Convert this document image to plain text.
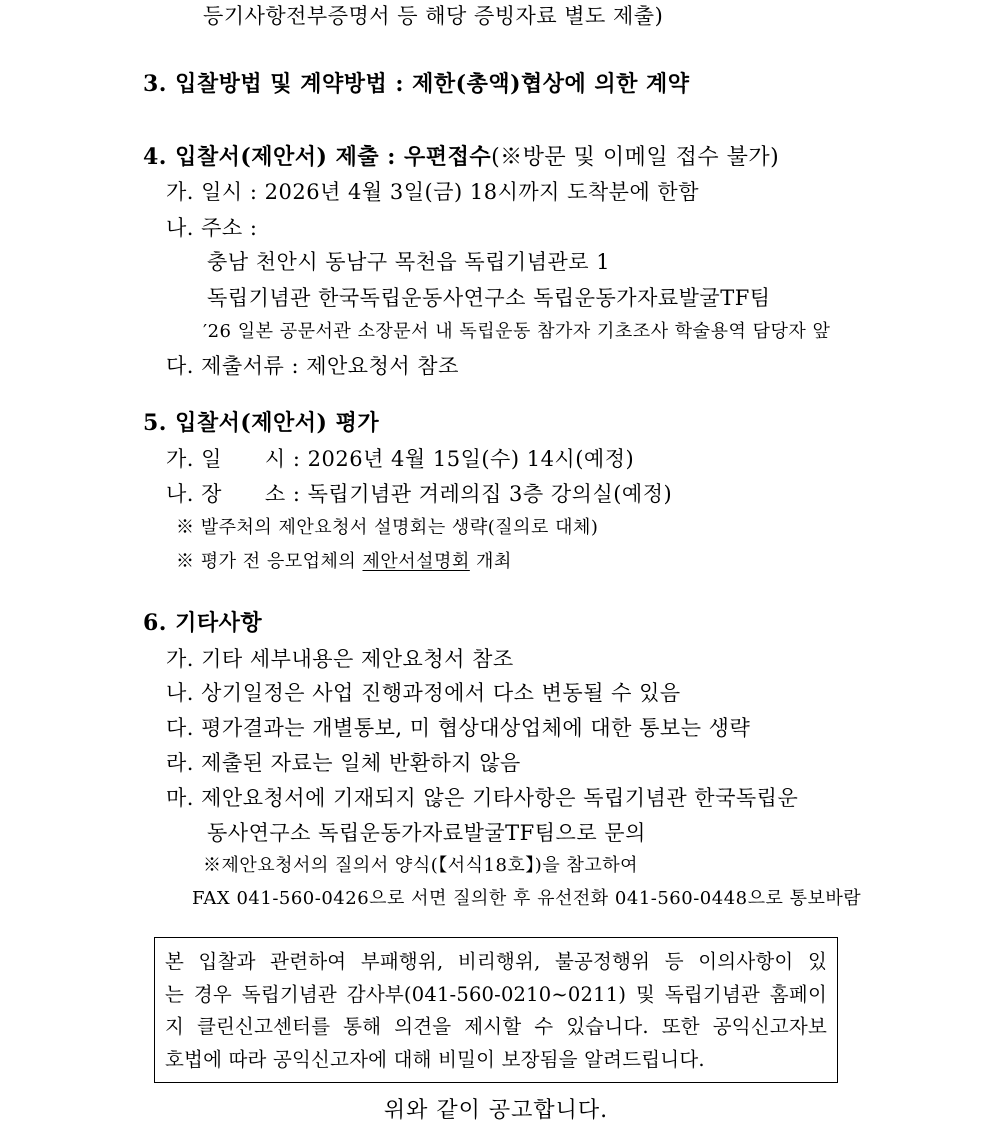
등기사항전부증명서 등 해당 증빙자료 별도 제출)
3. 입찰방법 및 계약방법 : 제한(총액)협상에 의한 계약
4. 입찰서(제안서) 제출 : 우편접수(※방문 및 이메일 접수 불가)
가. 일시 : 2026년 4월 3일(금) 18시까지 도착분에 한함
나. 주소 :
충남 천안시 동남구 목천읍 독립기념관로 1
독립기념관 한국독립운동사연구소 독립운동가자료발굴TF팀
′26 일본 공문서관 소장문서 내 독립운동 참가자 기초조사 학술용역 담당자 앞
다. 제출서류 : 제안요청서 참조
5. 입찰서(제안서) 평가
가. 일　　시 : 2026년 4월 15일(수) 14시(예정)
나. 장　　소 : 독립기념관 겨레의집 3층 강의실(예정)
※ 발주처의 제안요청서 설명회는 생략(질의로 대체)
※ 평가 전 응모업체의 제안서설명회 개최
6. 기타사항
가. 기타 세부내용은 제안요청서 참조
나. 상기일정은 사업 진행과정에서 다소 변동될 수 있음
다. 평가결과는 개별통보, 미 협상대상업체에 대한 통보는 생략
라. 제출된 자료는 일체 반환하지 않음
마. 제안요청서에 기재되지 않은 기타사항은 독립기념관 한국독립운
동사연구소 독립운동가자료발굴TF팀으로 문의
※제안요청서의 질의서 양식(【서식18호】)을 참고하여
FAX 041-560-0426으로 서면 질의한 후 유선전화 041-560-0448으로 통보바람

본 입찰과 관련하여 부패행위, 비리행위, 불공정행위 등 이의사항이 있

는 경우 독립기념관 감사부(041-560-0210∼0211) 및 독립기념관 홈페이

지 클린신고센터를 통해 의견을 제시할 수 있습니다. 또한 공익신고자보

호법에 따라 공익신고자에 대해 비밀이 보장됨을 알려드립니다.

위와 같이 공고합니다.
